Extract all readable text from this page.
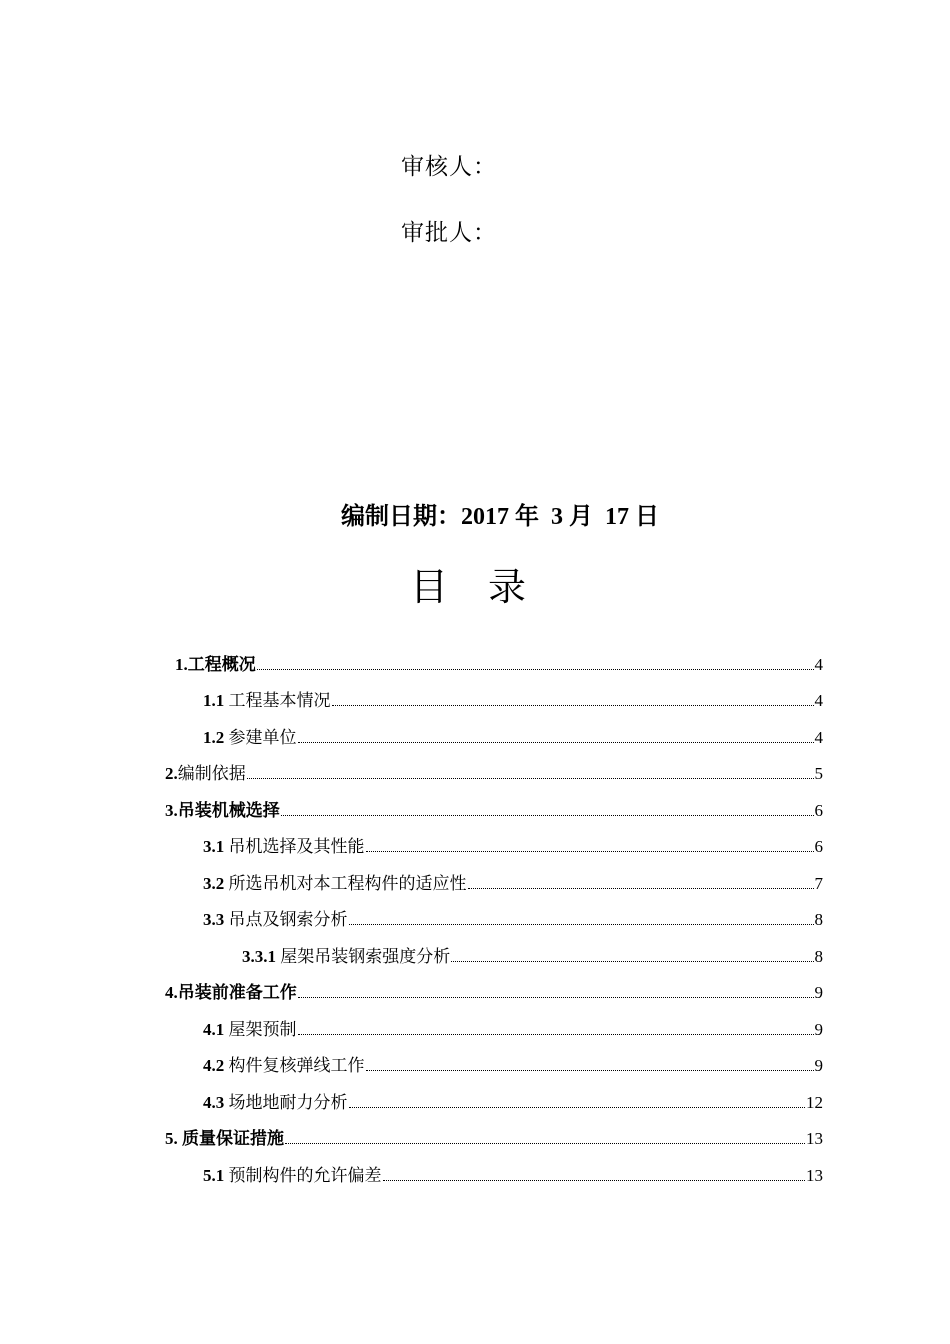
审核人：
审批人：
编制日期：2017 年 3 月 17 日
目 录
1.工程概况	4
1.1 工程基本情况	4
1.2 参建单位	4
2.编制依据	5
3.吊装机械选择	6
3.1 吊机选择及其性能	6
3.2 所选吊机对本工程构件的适应性	7
3.3 吊点及钢索分析	8
3.3.1 屋架吊装钢索强度分析	8
4.吊装前准备工作	9
4.1 屋架预制	9
4.2 构件复核弹线工作	9
4.3 场地地耐力分析	12
5. 质量保证措施	13
5.1 预制构件的允许偏差	13
